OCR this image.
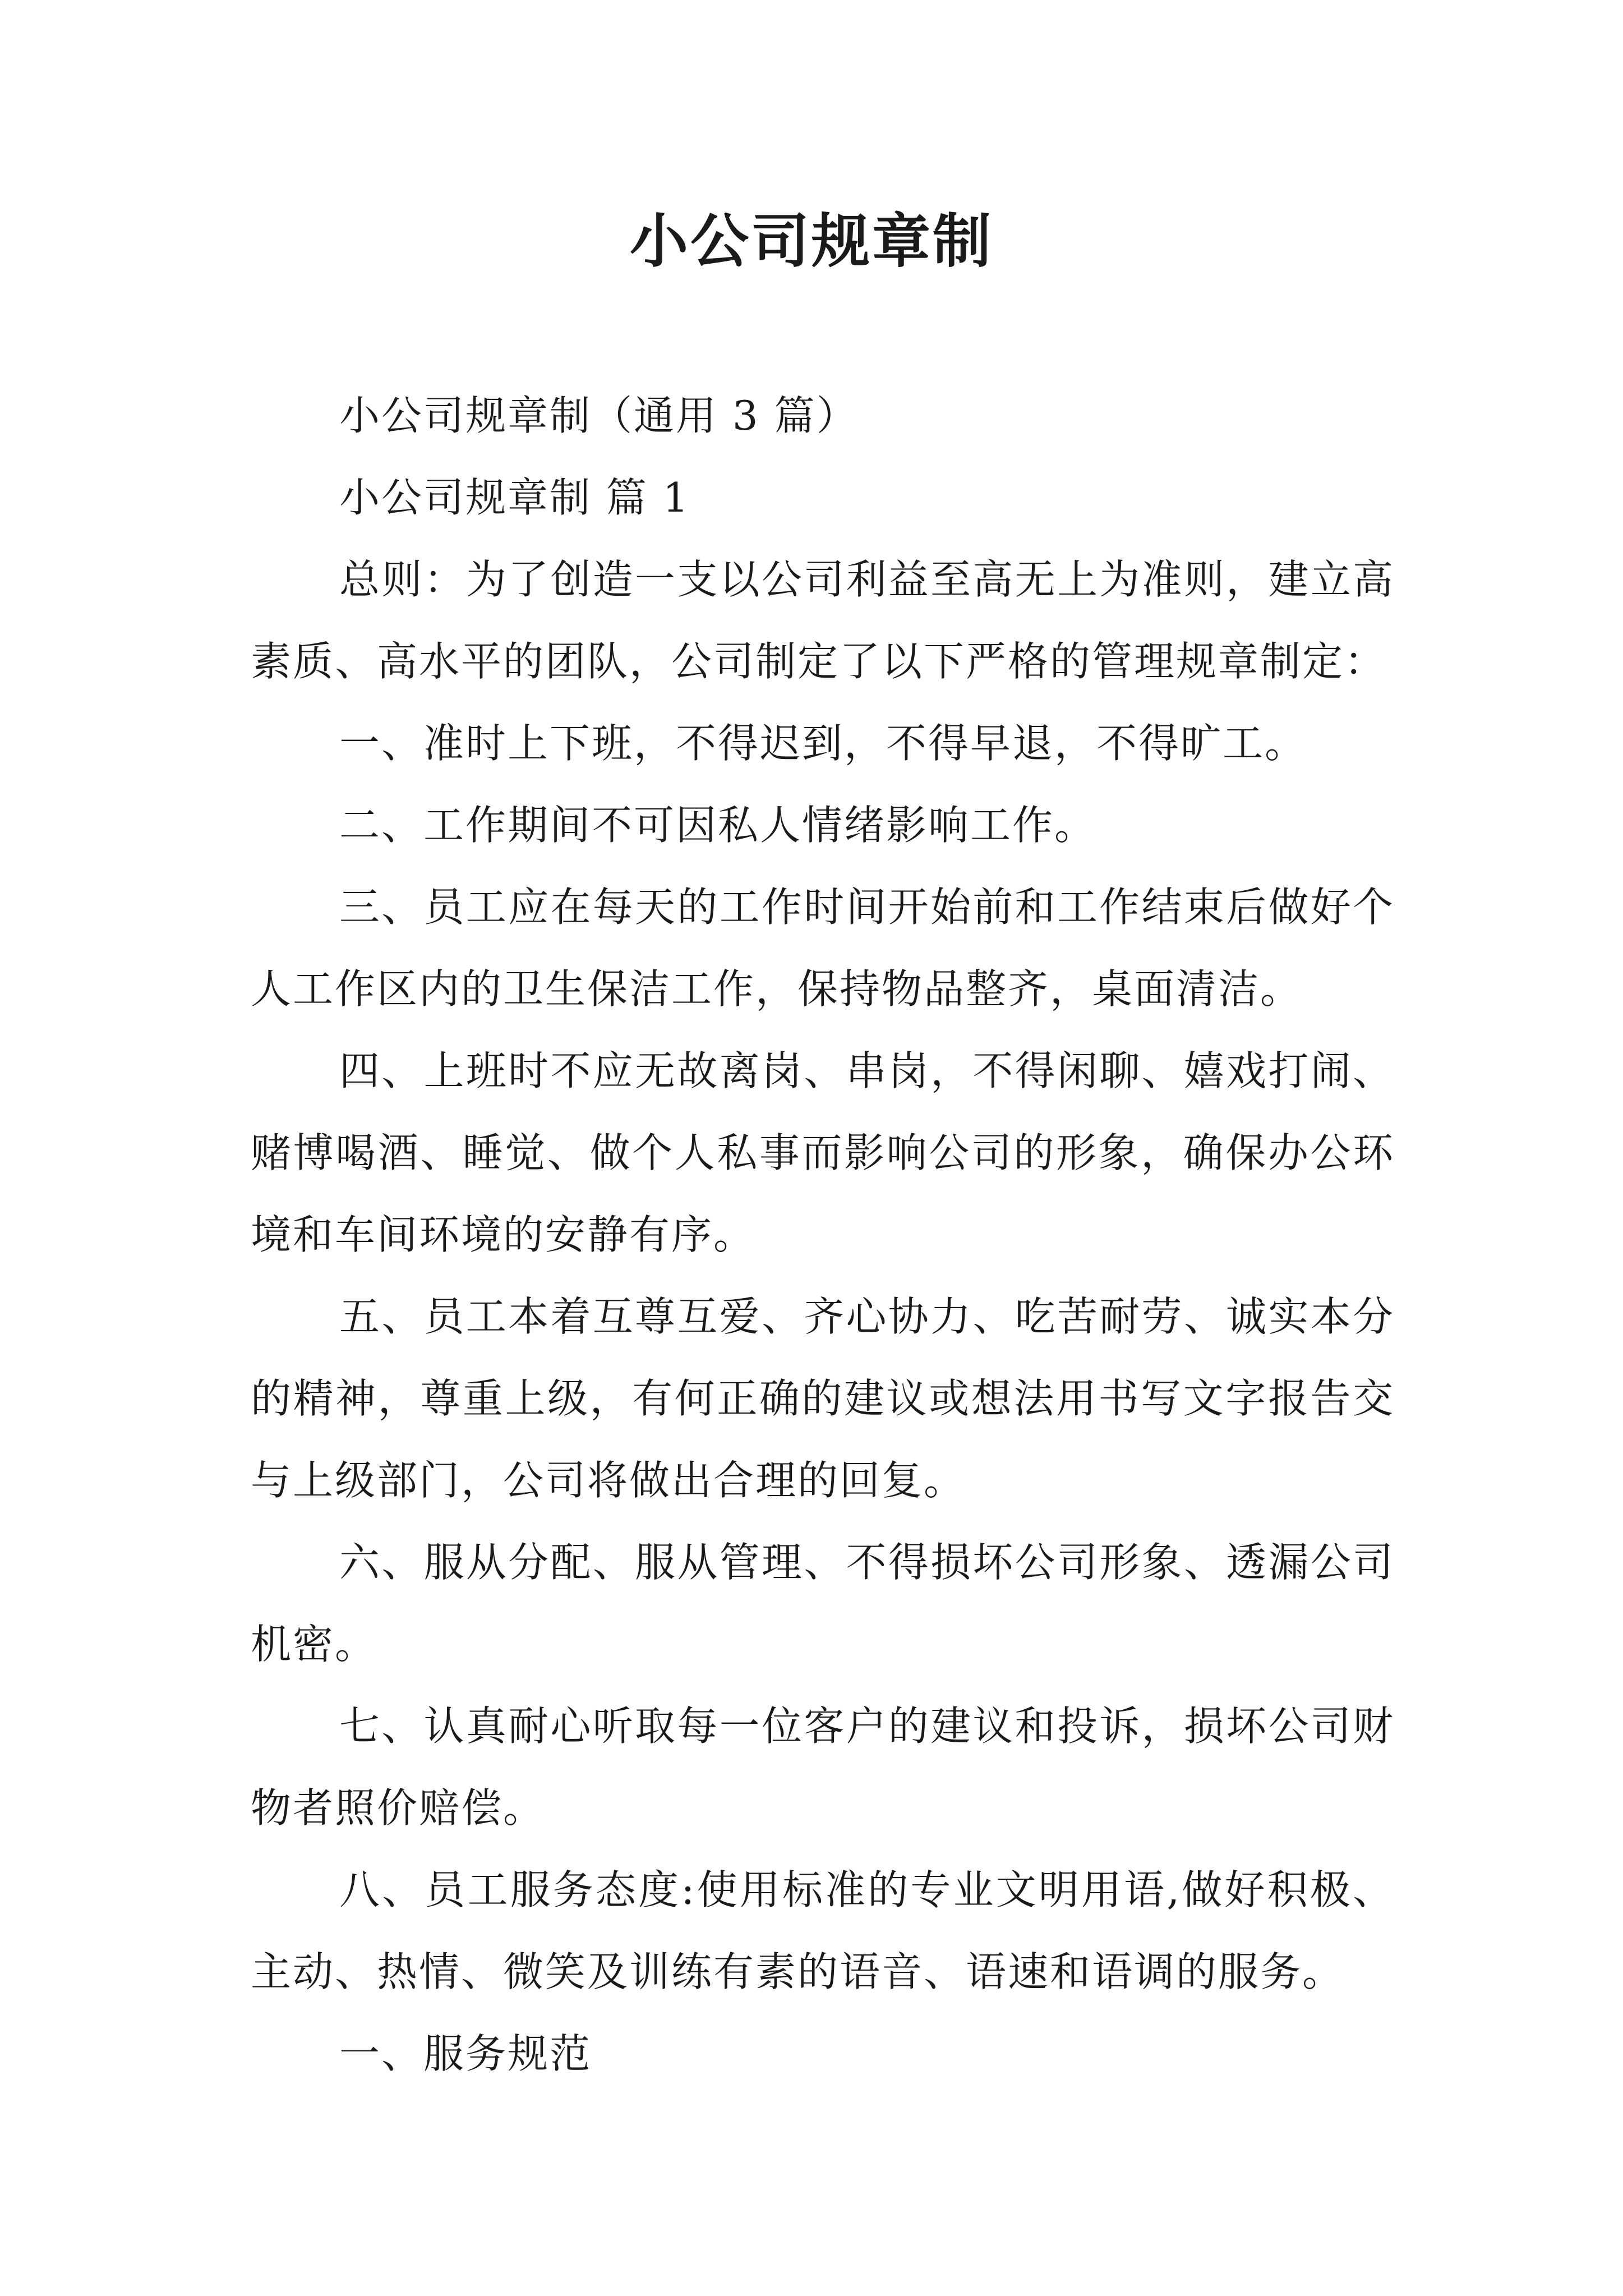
小公司规章制

小公司规章制（通用 3 篇）

小公司规章制 篇 1

总则：为了创造一支以公司利益至高无上为准则，建立高素质、高水平的团队，公司制定了以下严格的管理规章制定：

一、准时上下班，不得迟到，不得早退，不得旷工。

二、工作期间不可因私人情绪影响工作。

三、员工应在每天的工作时间开始前和工作结束后做好个人工作区内的卫生保洁工作，保持物品整齐，桌面清洁。

四、上班时不应无故离岗、串岗，不得闲聊、嬉戏打闹、赌博喝酒、睡觉、做个人私事而影响公司的形象，确保办公环境和车间环境的安静有序。

五、员工本着互尊互爱、齐心协力、吃苦耐劳、诚实本分的精神，尊重上级，有何正确的建议或想法用书写文字报告交与上级部门，公司将做出合理的回复。

六、服从分配、服从管理、不得损坏公司形象、透漏公司机密。

七、认真耐心听取每一位客户的建议和投诉，损坏公司财物者照价赔偿。

八、员工服务态度:使用标准的专业文明用语,做好积极、主动、热情、微笑及训练有素的语音、语速和语调的服务。

一、服务规范
